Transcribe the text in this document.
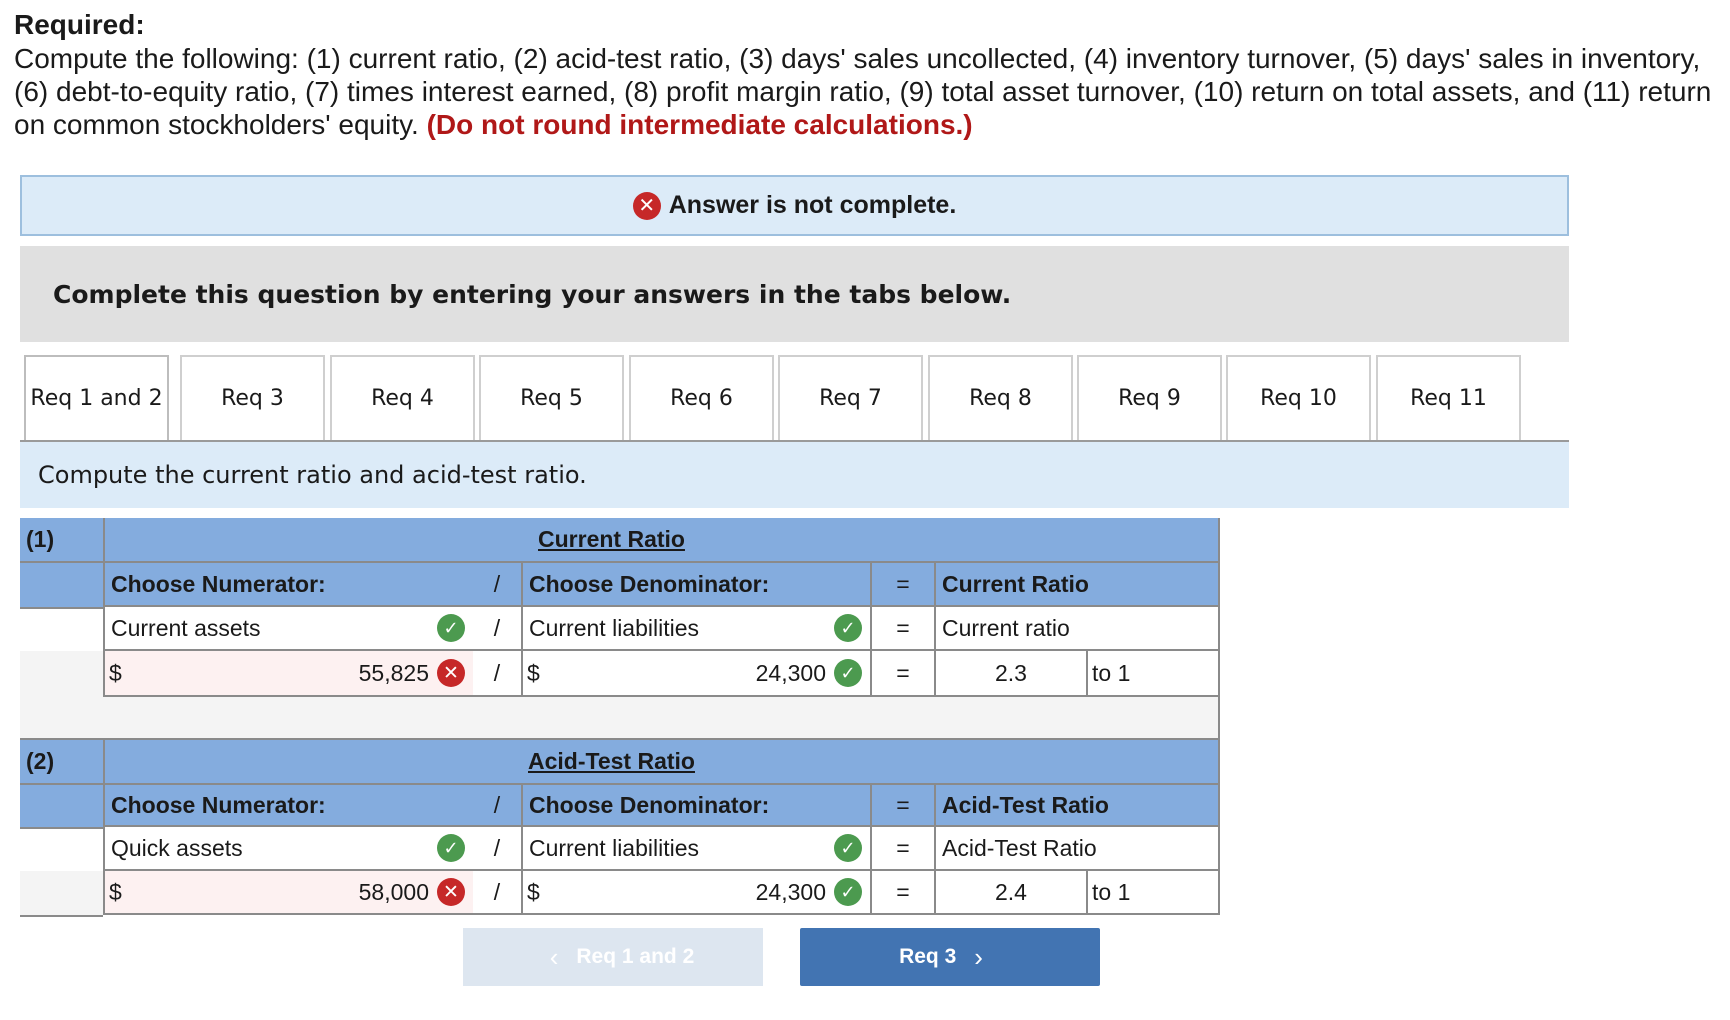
Required:
Compute the following: (1) current ratio, (2) acid-test ratio, (3) days' sales uncollected, (4) inventory turnover, (5) days' sales in inventory,
(6) debt-to-equity ratio, (7) times interest earned, (8) profit margin ratio, (9) total asset turnover, (10) return on total assets, and (11) return
on common stockholders' equity. (Do not round intermediate calculations.)
✕ Answer is not complete.
Complete this question by entering your answers in the tabs below.
Req 1 and 2	Req 3	Req 4	Req 5	Req 6	Req 7	Req 8	Req 9	Req 10	Req 11
Compute the current ratio and acid-test ratio.
(1)	Current Ratio
Choose Numerator:	/	Choose Denominator:	=	Current Ratio
Current assets	✓	/	Current liabilities	✓	=	Current ratio
$	55,825 ✕	/	$	24,300 ✓	=	2.3	to 1
(2)	Acid-Test Ratio
Choose Numerator:	/	Choose Denominator:	=	Acid-Test Ratio
Quick assets	✓	/	Current liabilities	✓	=	Acid-Test Ratio
$	58,000 ✕	/	$	24,300 ✓	=	2.4	to 1
‹ Req 1 and 2	Req 3 ›
